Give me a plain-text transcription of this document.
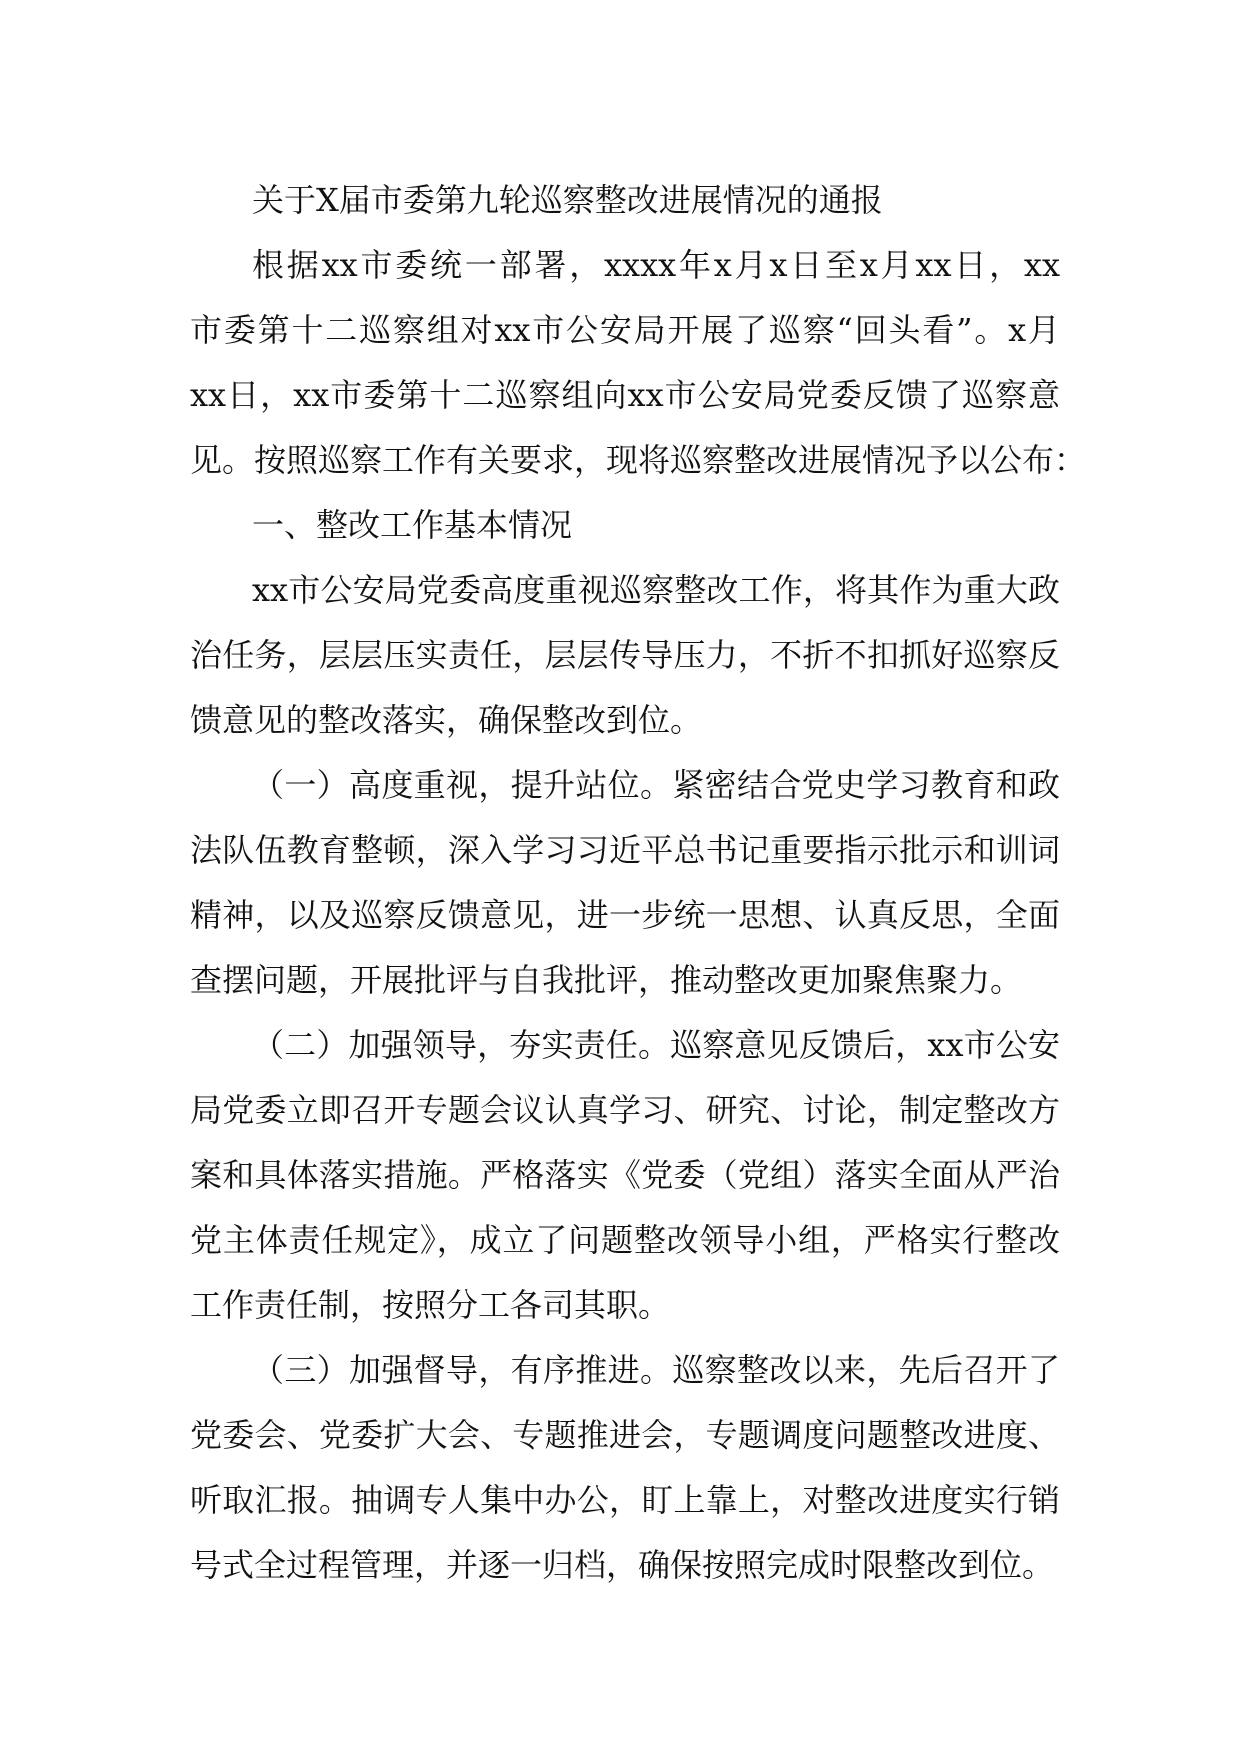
关于X届市委第九轮巡察整改进展情况的通报
根据xx市委统一部署，xxxx年x月x日至x月xx日，xx
市委第十二巡察组对xx市公安局开展了巡察“回头看”。x月
xx日，xx市委第十二巡察组向xx市公安局党委反馈了巡察意
见。按照巡察工作有关要求，现将巡察整改进展情况予以公布：
一、整改工作基本情况
xx市公安局党委高度重视巡察整改工作，将其作为重大政
治任务，层层压实责任，层层传导压力，不折不扣抓好巡察反
馈意见的整改落实，确保整改到位。
（一）高度重视，提升站位。紧密结合党史学习教育和政
法队伍教育整顿，深入学习习近平总书记重要指示批示和训词
精神，以及巡察反馈意见，进一步统一思想、认真反思，全面
查摆问题，开展批评与自我批评，推动整改更加聚焦聚力。
（二）加强领导，夯实责任。巡察意见反馈后，xx市公安
局党委立即召开专题会议认真学习、研究、讨论，制定整改方
案和具体落实措施。严格落实《党委（党组）落实全面从严治
党主体责任规定》，成立了问题整改领导小组，严格实行整改
工作责任制，按照分工各司其职。
（三）加强督导，有序推进。巡察整改以来，先后召开了
党委会、党委扩大会、专题推进会，专题调度问题整改进度、
听取汇报。抽调专人集中办公，盯上靠上，对整改进度实行销
号式全过程管理，并逐一归档，确保按照完成时限整改到位。
